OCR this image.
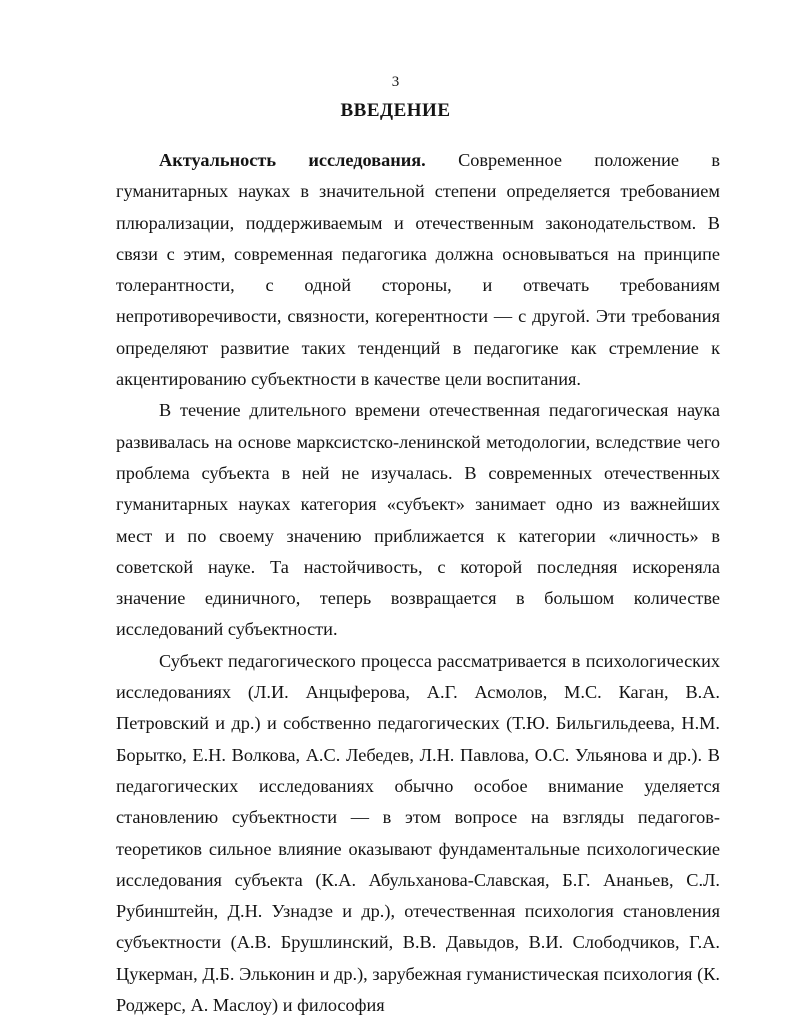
3
ВВЕДЕНИЕ

Актуальность исследования. Современное положение в гуманитарных науках в значительной степени определяется требованием плюрализации, поддерживаемым и отечественным законодательством. В связи с этим, современная педагогика должна основываться на принципе толерантности, с одной стороны, и отвечать требованиям непротиворечивости, связности, когерентности — с другой. Эти требования определяют развитие таких тенденций в педагогике как стремление к акцентированию субъектности в качестве цели воспитания.

В течение длительного времени отечественная педагогическая наука развивалась на основе марксистско-ленинской методологии, вследствие чего проблема субъекта в ней не изучалась. В современных отечественных гуманитарных науках категория «субъект» занимает одно из важнейших мест и по своему значению приближается к категории «личность» в советской науке. Та настойчивость, с которой последняя искореняла значение единичного, теперь возвращается в большом количестве исследований субъектности.

Субъект педагогического процесса рассматривается в психологических исследованиях (Л.И. Анцыферова, А.Г. Асмолов, М.С. Каган, В.А. Петровский и др.) и собственно педагогических (Т.Ю. Бильгильдеева, Н.М. Борытко, Е.Н. Волкова, А.С. Лебедев, Л.Н. Павлова, О.С. Ульянова и др.). В педагогических исследованиях обычно особое внимание уделяется становлению субъектности — в этом вопросе на взгляды педагогов-теоретиков сильное влияние оказывают фундаментальные психологические исследования субъекта (К.А. Абульханова-Славская, Б.Г. Ананьев, С.Л. Рубинштейн, Д.Н. Узнадзе и др.), отечественная психология становления субъектности (А.В. Брушлинский, В.В. Давыдов, В.И. Слободчиков, Г.А. Цукерман, Д.Б. Эльконин и др.), зарубежная гуманистическая психология (К. Роджерс, А. Маслоу) и философия
